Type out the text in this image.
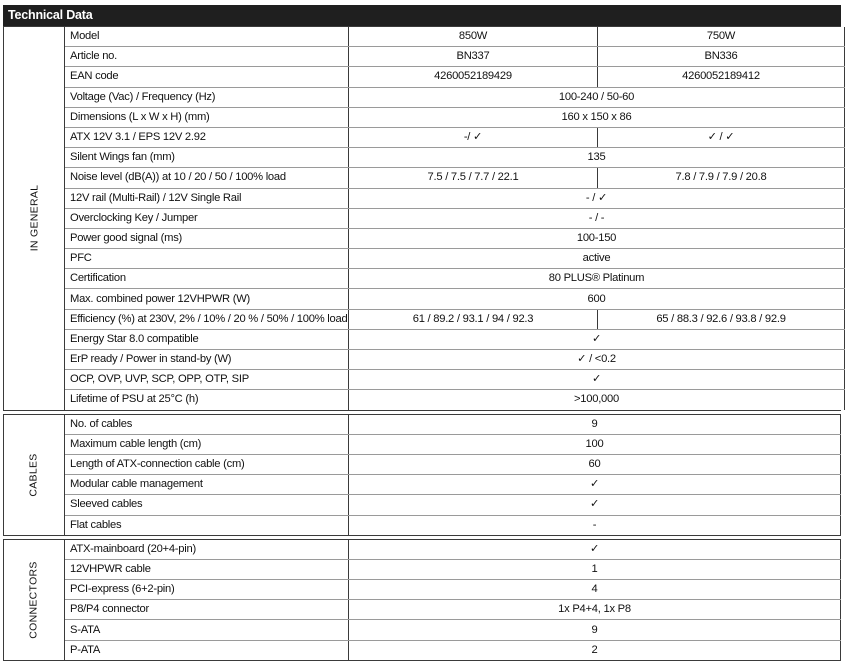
Technical Data
IN GENERAL
Model	850W	750W
Article no.	BN337	BN336
EAN code	4260052189429	4260052189412
Voltage (Vac) / Frequency (Hz)	100-240 / 50-60	
Dimensions (L x W x H) (mm)	160 x 150 x 86	
ATX 12V 3.1 / EPS 12V 2.92	-/ ✓	✓ / ✓
Silent Wings fan (mm)	135	
Noise level (dB(A)) at 10 / 20 / 50 / 100% load	7.5 / 7.5 / 7.7 / 22.1	7.8 / 7.9 / 7.9 / 20.8
12V rail (Multi-Rail) / 12V Single Rail	- / ✓	
Overclocking Key / Jumper	- / -	
Power good signal (ms)	100-150	
PFC	active	
Certification	80 PLUS® Platinum	
Max. combined power 12VHPWR (W)	600	
Efficiency (%) at 230V, 2% / 10% / 20 % / 50% / 100% load	61 / 89.2 / 93.1 / 94 / 92.3	65 / 88.3 / 92.6 / 93.8 / 92.9
Energy Star 8.0 compatible	✓	
ErP ready / Power in stand-by (W)	✓ / <0.2	
OCP, OVP, UVP, SCP, OPP, OTP, SIP	✓	
Lifetime of PSU at 25°C (h)	>100,000	
CABLES
No. of cables	9
Maximum cable length (cm)	100
Length of ATX-connection cable (cm)	60
Modular cable management	✓
Sleeved cables	✓
Flat cables	-
CONNECTORS
ATX-mainboard (20+4-pin)	✓
12VHPWR cable	1
PCI-express (6+2-pin)	4
P8/P4 connector	1x P4+4, 1x P8
S-ATA	9
P-ATA	2
